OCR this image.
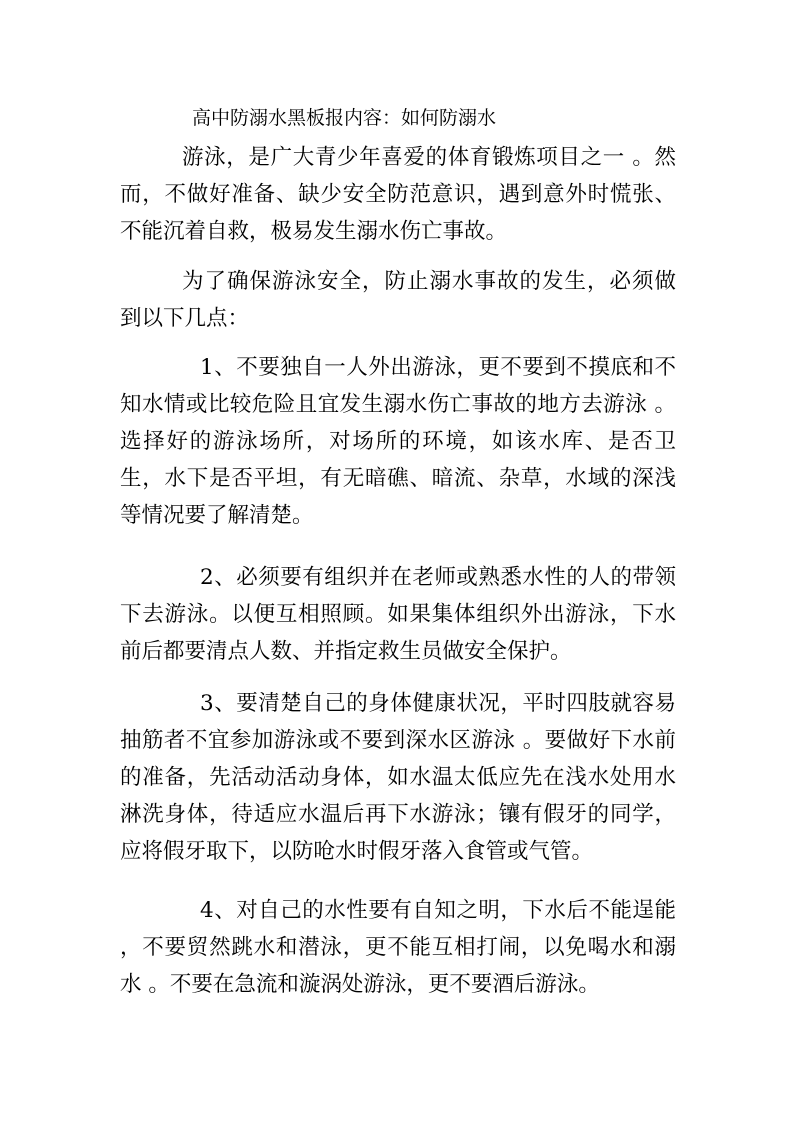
高中防溺水黑板报内容：如何防溺水

游泳，是广大青少年喜爱的体育锻炼项目之一 。然而，不做好准备、缺少安全防范意识，遇到意外时慌张、不能沉着自救，极易发生溺水伤亡事故。

为了确保游泳安全，防止溺水事故的发生，必须做到以下几点：

1、不要独自一人外出游泳，更不要到不摸底和不知水情或比较危险且宜发生溺水伤亡事故的地方去游泳 。选择好的游泳场所，对场所的环境，如该水库、是否卫生，水下是否平坦，有无暗礁、暗流、杂草，水域的深浅等情况要了解清楚。

2、必须要有组织并在老师或熟悉水性的人的带领下去游泳。以便互相照顾。如果集体组织外出游泳，下水前后都要清点人数、并指定救生员做安全保护。

3、要清楚自己的身体健康状况，平时四肢就容易抽筋者不宜参加游泳或不要到深水区游泳 。要做好下水前的准备，先活动活动身体，如水温太低应先在浅水处用水淋洗身体，待适应水温后再下水游泳；镶有假牙的同学，应将假牙取下，以防呛水时假牙落入食管或气管。

4、对自己的水性要有自知之明，下水后不能逞能 ，不要贸然跳水和潜泳，更不能互相打闹，以免喝水和溺水 。不要在急流和漩涡处游泳，更不要酒后游泳。
